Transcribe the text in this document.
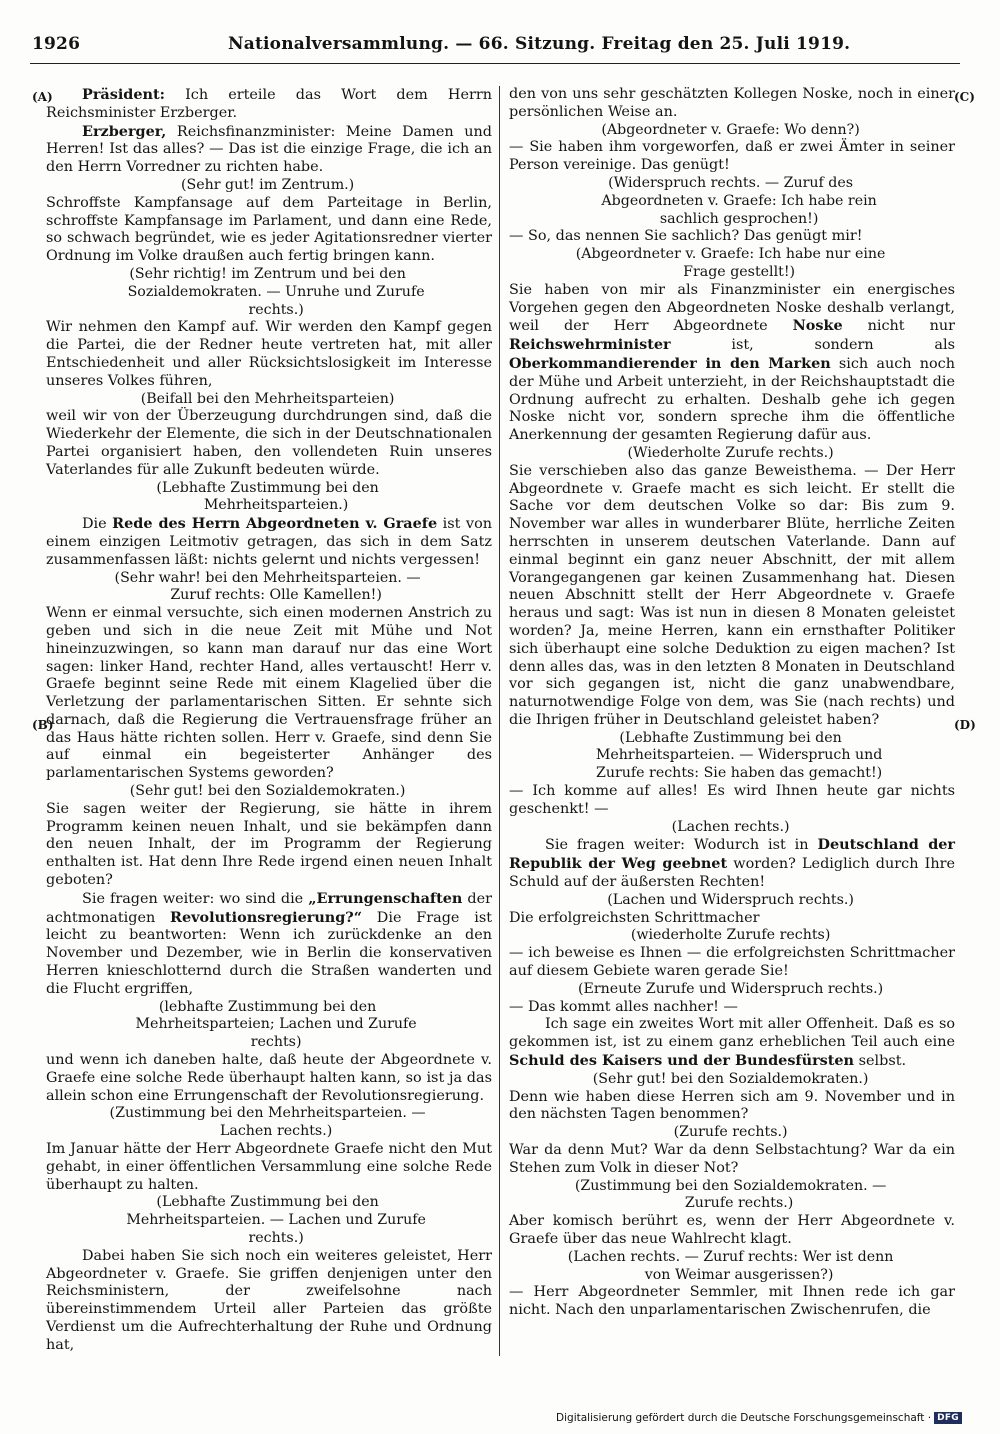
1926	Nationalversammlung. — 66. Sitzung. Freitag den 25. Juli 1919.
(A)
(B)
(C)
(D)

Präsident: Ich erteile das Wort dem Herrn Reichsminister Erzberger.

Erzberger, Reichsfinanzminister: Meine Damen und Herren! Ist das alles? — Das ist die einzige Frage, die ich an den Herrn Vorredner zu richten habe.

(Sehr gut! im Zentrum.)

Schroffste Kampfansage auf dem Parteitage in Berlin, schroffste Kampfansage im Parlament, und dann eine Rede, so schwach begründet, wie es jeder Agitationsredner vierter Ordnung im Volke draußen auch fertig bringen kann.

(Sehr richtig! im Zentrum und bei den Sozialdemokraten. — Unruhe und Zurufe rechts.)

Wir nehmen den Kampf auf. Wir werden den Kampf gegen die Partei, die der Redner heute vertreten hat, mit aller Entschiedenheit und aller Rücksichtslosigkeit im Interesse unseres Volkes führen,

(Beifall bei den Mehrheitsparteien)

weil wir von der Überzeugung durchdrungen sind, daß die Wiederkehr der Elemente, die sich in der Deutschnationalen Partei organisiert haben, den vollendeten Ruin unseres Vaterlandes für alle Zukunft bedeuten würde.

(Lebhafte Zustimmung bei den Mehrheitsparteien.)

Die Rede des Herrn Abgeordneten v. Graefe ist von einem einzigen Leitmotiv getragen, das sich in dem Satz zusammenfassen läßt: nichts gelernt und nichts vergessen!

(Sehr wahr! bei den Mehrheitsparteien. — Zuruf rechts: Olle Kamellen!)

Wenn er einmal versuchte, sich einen modernen Anstrich zu geben und sich in die neue Zeit mit Mühe und Not hineinzuzwingen, so kann man darauf nur das eine Wort sagen: linker Hand, rechter Hand, alles vertauscht! Herr v. Graefe beginnt seine Rede mit einem Klagelied über die Verletzung der parlamentarischen Sitten. Er sehnte sich darnach, daß die Regierung die Vertrauensfrage früher an das Haus hätte richten sollen. Herr v. Graefe, sind denn Sie auf einmal ein begeisterter Anhänger des parlamentarischen Systems geworden?

(Sehr gut! bei den Sozialdemokraten.)

Sie sagen weiter der Regierung, sie hätte in ihrem Programm keinen neuen Inhalt, und sie bekämpfen dann den neuen Inhalt, der im Programm der Regierung enthalten ist. Hat denn Ihre Rede irgend einen neuen Inhalt geboten?

Sie fragen weiter: wo sind die „Errungenschaften der achtmonatigen Revolutionsregierung?“ Die Frage ist leicht zu beantworten: Wenn ich zurückdenke an den November und Dezember, wie in Berlin die konservativen Herren knieschlotternd durch die Straßen wanderten und die Flucht ergriffen,

(lebhafte Zustimmung bei den Mehrheitsparteien; Lachen und Zurufe rechts)

und wenn ich daneben halte, daß heute der Abgeordnete v. Graefe eine solche Rede überhaupt halten kann, so ist ja das allein schon eine Errungenschaft der Revolutionsregierung.

(Zustimmung bei den Mehrheitsparteien. — Lachen rechts.)

Im Januar hätte der Herr Abgeordnete Graefe nicht den Mut gehabt, in einer öffentlichen Versammlung eine solche Rede überhaupt zu halten.

(Lebhafte Zustimmung bei den Mehrheitsparteien. — Lachen und Zurufe rechts.)

Dabei haben Sie sich noch ein weiteres geleistet, Herr Abgeordneter v. Graefe. Sie griffen denjenigen unter den Reichsministern, der zweifelsohne nach übereinstimmendem Urteil aller Parteien das größte Verdienst um die Aufrechterhaltung der Ruhe und Ordnung hat,

den von uns sehr geschätzten Kollegen Noske, noch in einer persönlichen Weise an.

(Abgeordneter v. Graefe: Wo denn?)

— Sie haben ihm vorgeworfen, daß er zwei Ämter in seiner Person vereinige. Das genügt!

(Widerspruch rechts. — Zuruf des Abgeordneten v. Graefe: Ich habe rein sachlich gesprochen!)

— So, das nennen Sie sachlich? Das genügt mir!

(Abgeordneter v. Graefe: Ich habe nur eine Frage gestellt!)

Sie haben von mir als Finanzminister ein energisches Vorgehen gegen den Abgeordneten Noske deshalb verlangt, weil der Herr Abgeordnete Noske nicht nur Reichswehrminister ist, sondern als Oberkommandierender in den Marken sich auch noch der Mühe und Arbeit unterzieht, in der Reichshauptstadt die Ordnung aufrecht zu erhalten. Deshalb gehe ich gegen Noske nicht vor, sondern spreche ihm die öffentliche Anerkennung der gesamten Regierung dafür aus.

(Wiederholte Zurufe rechts.)

Sie verschieben also das ganze Beweisthema. — Der Herr Abgeordnete v. Graefe macht es sich leicht. Er stellt die Sache vor dem deutschen Volke so dar: Bis zum 9. November war alles in wunderbarer Blüte, herrliche Zeiten herrschten in unserem deutschen Vaterlande. Dann auf einmal beginnt ein ganz neuer Abschnitt, der mit allem Vorangegangenen gar keinen Zusammenhang hat. Diesen neuen Abschnitt stellt der Herr Abgeordnete v. Graefe heraus und sagt: Was ist nun in diesen 8 Monaten geleistet worden? Ja, meine Herren, kann ein ernsthafter Politiker sich überhaupt eine solche Deduktion zu eigen machen? Ist denn alles das, was in den letzten 8 Monaten in Deutschland vor sich gegangen ist, nicht die ganz unabwendbare, naturnotwendige Folge von dem, was Sie (nach rechts) und die Ihrigen früher in Deutschland geleistet haben?

(Lebhafte Zustimmung bei den Mehrheitsparteien. — Widerspruch und Zurufe rechts: Sie haben das gemacht!)

— Ich komme auf alles! Es wird Ihnen heute gar nichts geschenkt! —

(Lachen rechts.)

Sie fragen weiter: Wodurch ist in Deutschland der Republik der Weg geebnet worden? Lediglich durch Ihre Schuld auf der äußersten Rechten!

(Lachen und Widerspruch rechts.)

Die erfolgreichsten Schrittmacher

(wiederholte Zurufe rechts)

— ich beweise es Ihnen — die erfolgreichsten Schrittmacher auf diesem Gebiete waren gerade Sie!

(Erneute Zurufe und Widerspruch rechts.)

— Das kommt alles nachher! —

Ich sage ein zweites Wort mit aller Offenheit. Daß es so gekommen ist, ist zu einem ganz erheblichen Teil auch eine Schuld des Kaisers und der Bundesfürsten selbst.

(Sehr gut! bei den Sozialdemokraten.)

Denn wie haben diese Herren sich am 9. November und in den nächsten Tagen benommen?

(Zurufe rechts.)

War da denn Mut? War da denn Selbstachtung? War da ein Stehen zum Volk in dieser Not?

(Zustimmung bei den Sozialdemokraten. — Zurufe rechts.)

Aber komisch berührt es, wenn der Herr Abgeordnete v. Graefe über das neue Wahlrecht klagt.

(Lachen rechts. — Zuruf rechts: Wer ist denn von Weimar ausgerissen?)

— Herr Abgeordneter Semmler, mit Ihnen rede ich gar nicht. Nach den unparlamentarischen Zwischenrufen, die

Digitalisierung gefördert durch die Deutsche Forschungsgemeinschaft · DFG
